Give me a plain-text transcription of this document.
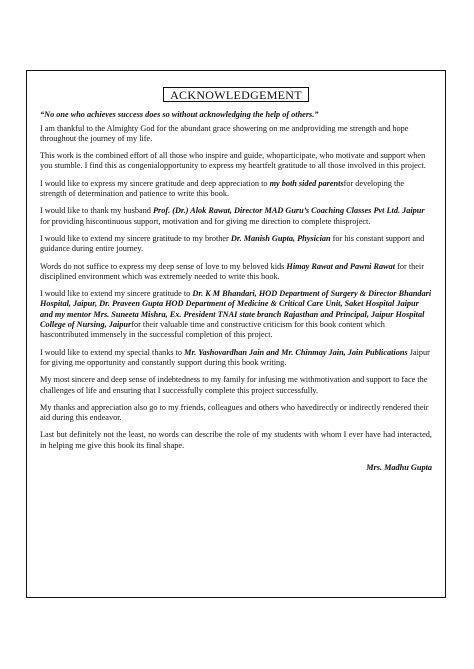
ACKNOWLEDGEMENT

“No one who achieves success does so without acknowledging the help of others.”

I am thankful to the Almighty God for the abundant grace showering on me andproviding me strength and hope throughout the journey of my life.

This work is the combined effort of all those who inspire and guide, whoparticipate, who motivate and support when you stumble. I find this as congenialopportunity to express my heartfelt gratitude to all those involved in this project.

I would like to express my sincere gratitude and deep appreciation to my both sided parentsfor developing the strength of determination and patience to write this book.

I would like to thank my husband Prof. (Dr.) Alok Rawat, Director MAD Guru’s Coaching Classes Pvt Ltd. Jaipur for providing hiscontinuous support, motivation and for giving me direction to complete thisproject.

I would like to extend my sincere gratitude to my brother Dr. Manish Gupta, Physician for his constant support and guidance during entire journey.

Words do not suffice to express my deep sense of love to my beloved kids Himay Rawat and Pawni Rawat for their disciplined environment which was extremely needed to write this book.

I would like to extend my sincere gratitude to Dr. K M Bhandari, HOD Department of Surgery & Director Bhandari Hospital, Jaipur, Dr. Praveen Gupta HOD Department of Medicine & Critical Care Unit, Saket Hospital Jaipur and my mentor Mrs. Suneeta Mishra, Ex. President TNAI state branch Rajasthan and Principal, Jaipur Hospital College of Nursing, Jaipurfor their valuable time and constructive criticism for this book content which hascontributed immensely in the successful completion of this project.

I would like to extend my special thanks to Mr. Yashovardhan Jain and Mr. Chinmay Jain, Jain Publications Jaipur for giving me opportunity and constantly support during this book writing.

My most sincere and deep sense of indebtedness to my family for infusing me withmotivation and support to face the challenges of life and ensuring that I successfully complete this project successfully.

My thanks and appreciation also go to my friends, colleagues and others who havedirectly or indirectly rendered their aid during this endeavor.

Last but definitely not the least, no words can describe the role of my students with whom I ever have had interacted, in helping me give this book its final shape.

Mrs. Madhu Gupta
